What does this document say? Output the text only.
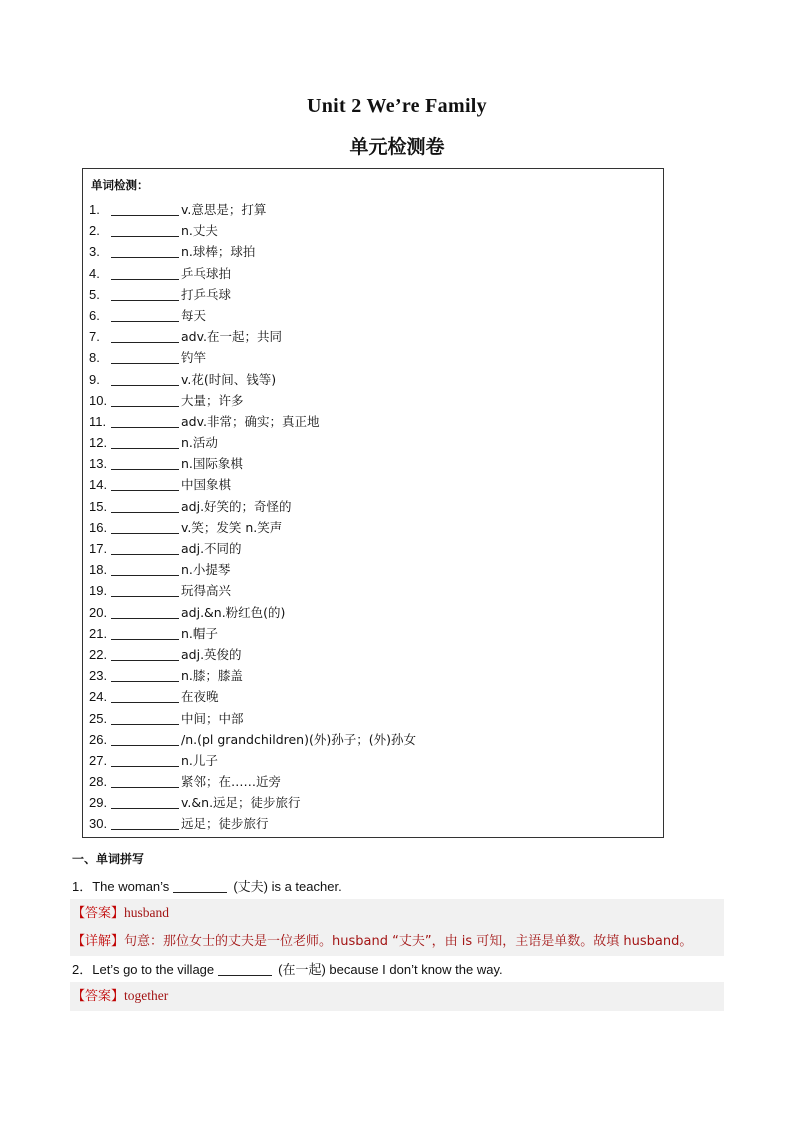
Unit 2 We’re Family
单元检测卷
单词检测：
1.	v.意思是；打算
2.	n.丈夫
3.	n.球棒；球拍
4.	乒乓球拍
5.	打乒乓球
6.	每天
7.	adv.在一起；共同
8.	钓竿
9.	v.花(时间、钱等)
10.	大量；许多
11.	adv.非常；确实；真正地
12.	n.活动
13.	n.国际象棋
14.	中国象棋
15.	adj.好笑的；奇怪的
16.	v.笑；发笑 n.笑声
17.	adj.不同的
18.	n.小提琴
19.	玩得高兴
20.	adj.&n.粉红色(的)
21.	n.帽子
22.	adj.英俊的
23.	n.膝；膝盖
24.	在夜晚
25.	中间；中部
26.	/n.(pl grandchildren)(外)孙子；(外)孙女
27.	n.儿子
28.	紧邻；在……近旁
29.	v.&n.远足；徒步旅行
30.	远足；徒步旅行
一、单词拼写
1．The woman’s	(丈夫) is a teacher.
【答案】husband
【详解】句意：那位女士的丈夫是一位老师。husband “丈夫”，由 is 可知，主语是单数。故填 husband。
2．Let’s go to the village	(在一起) because I don’t know the way.
【答案】together
